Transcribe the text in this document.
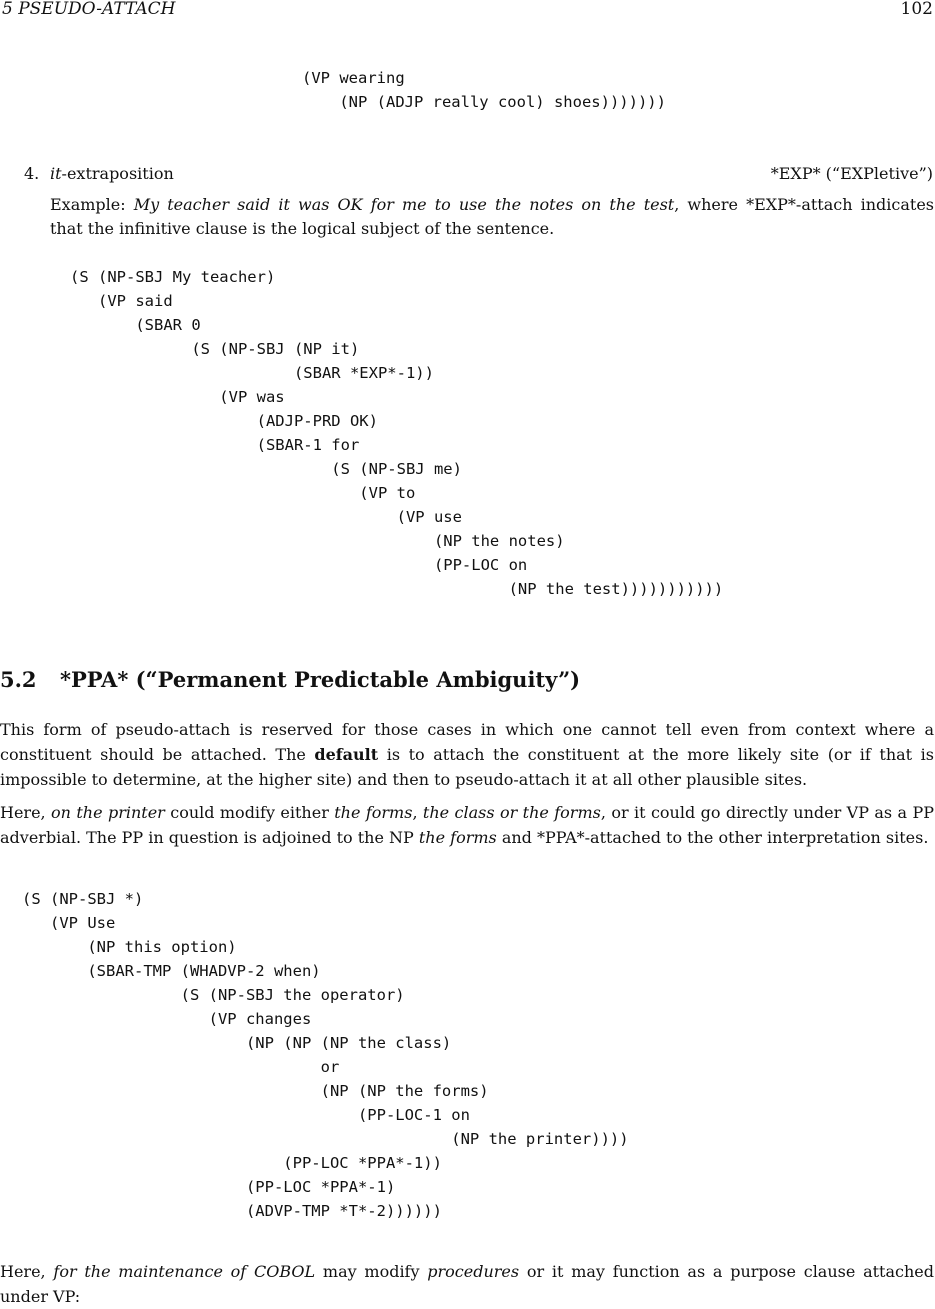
5 PSEUDO-ATTACH	102
(VP wearing
(NP (ADJP really cool) shoes)))))))
4. it-extraposition	*EXP* (“EXPletive”)
Example: My teacher said it was OK for me to use the notes on the test, where *EXP*-attach indicates
that the infinitive clause is the logical subject of the sentence.
(S (NP-SBJ My teacher)
(VP said
(SBAR 0
(S (NP-SBJ (NP it)
(SBAR *EXP*-1))
(VP was
(ADJP-PRD OK)
(SBAR-1 for
(S (NP-SBJ me)
(VP to
(VP use
(NP the notes)
(PP-LOC on
(NP the test)))))))))))
5.2 *PPA* (“Permanent Predictable Ambiguity”)
This form of pseudo-attach is reserved for those cases in which one cannot tell even from context where a constituent should be attached. The default is to attach the constituent at the more likely site (or if that is impossible to determine, at the higher site) and then to pseudo-attach it at all other plausible sites.
Here, on the printer could modify either the forms, the class or the forms, or it could go directly under VP as a PP adverbial. The PP in question is adjoined to the NP the forms and *PPA*-attached to the other interpretation sites.
(S (NP-SBJ *)
(VP Use
(NP this option)
(SBAR-TMP (WHADVP-2 when)
(S (NP-SBJ the operator)
(VP changes
(NP (NP (NP the class)
or
(NP (NP the forms)
(PP-LOC-1 on
(NP the printer))))
(PP-LOC *PPA*-1))
(PP-LOC *PPA*-1)
(ADVP-TMP *T*-2))))))
Here, for the maintenance of COBOL may modify procedures or it may function as a purpose clause attached under VP:
